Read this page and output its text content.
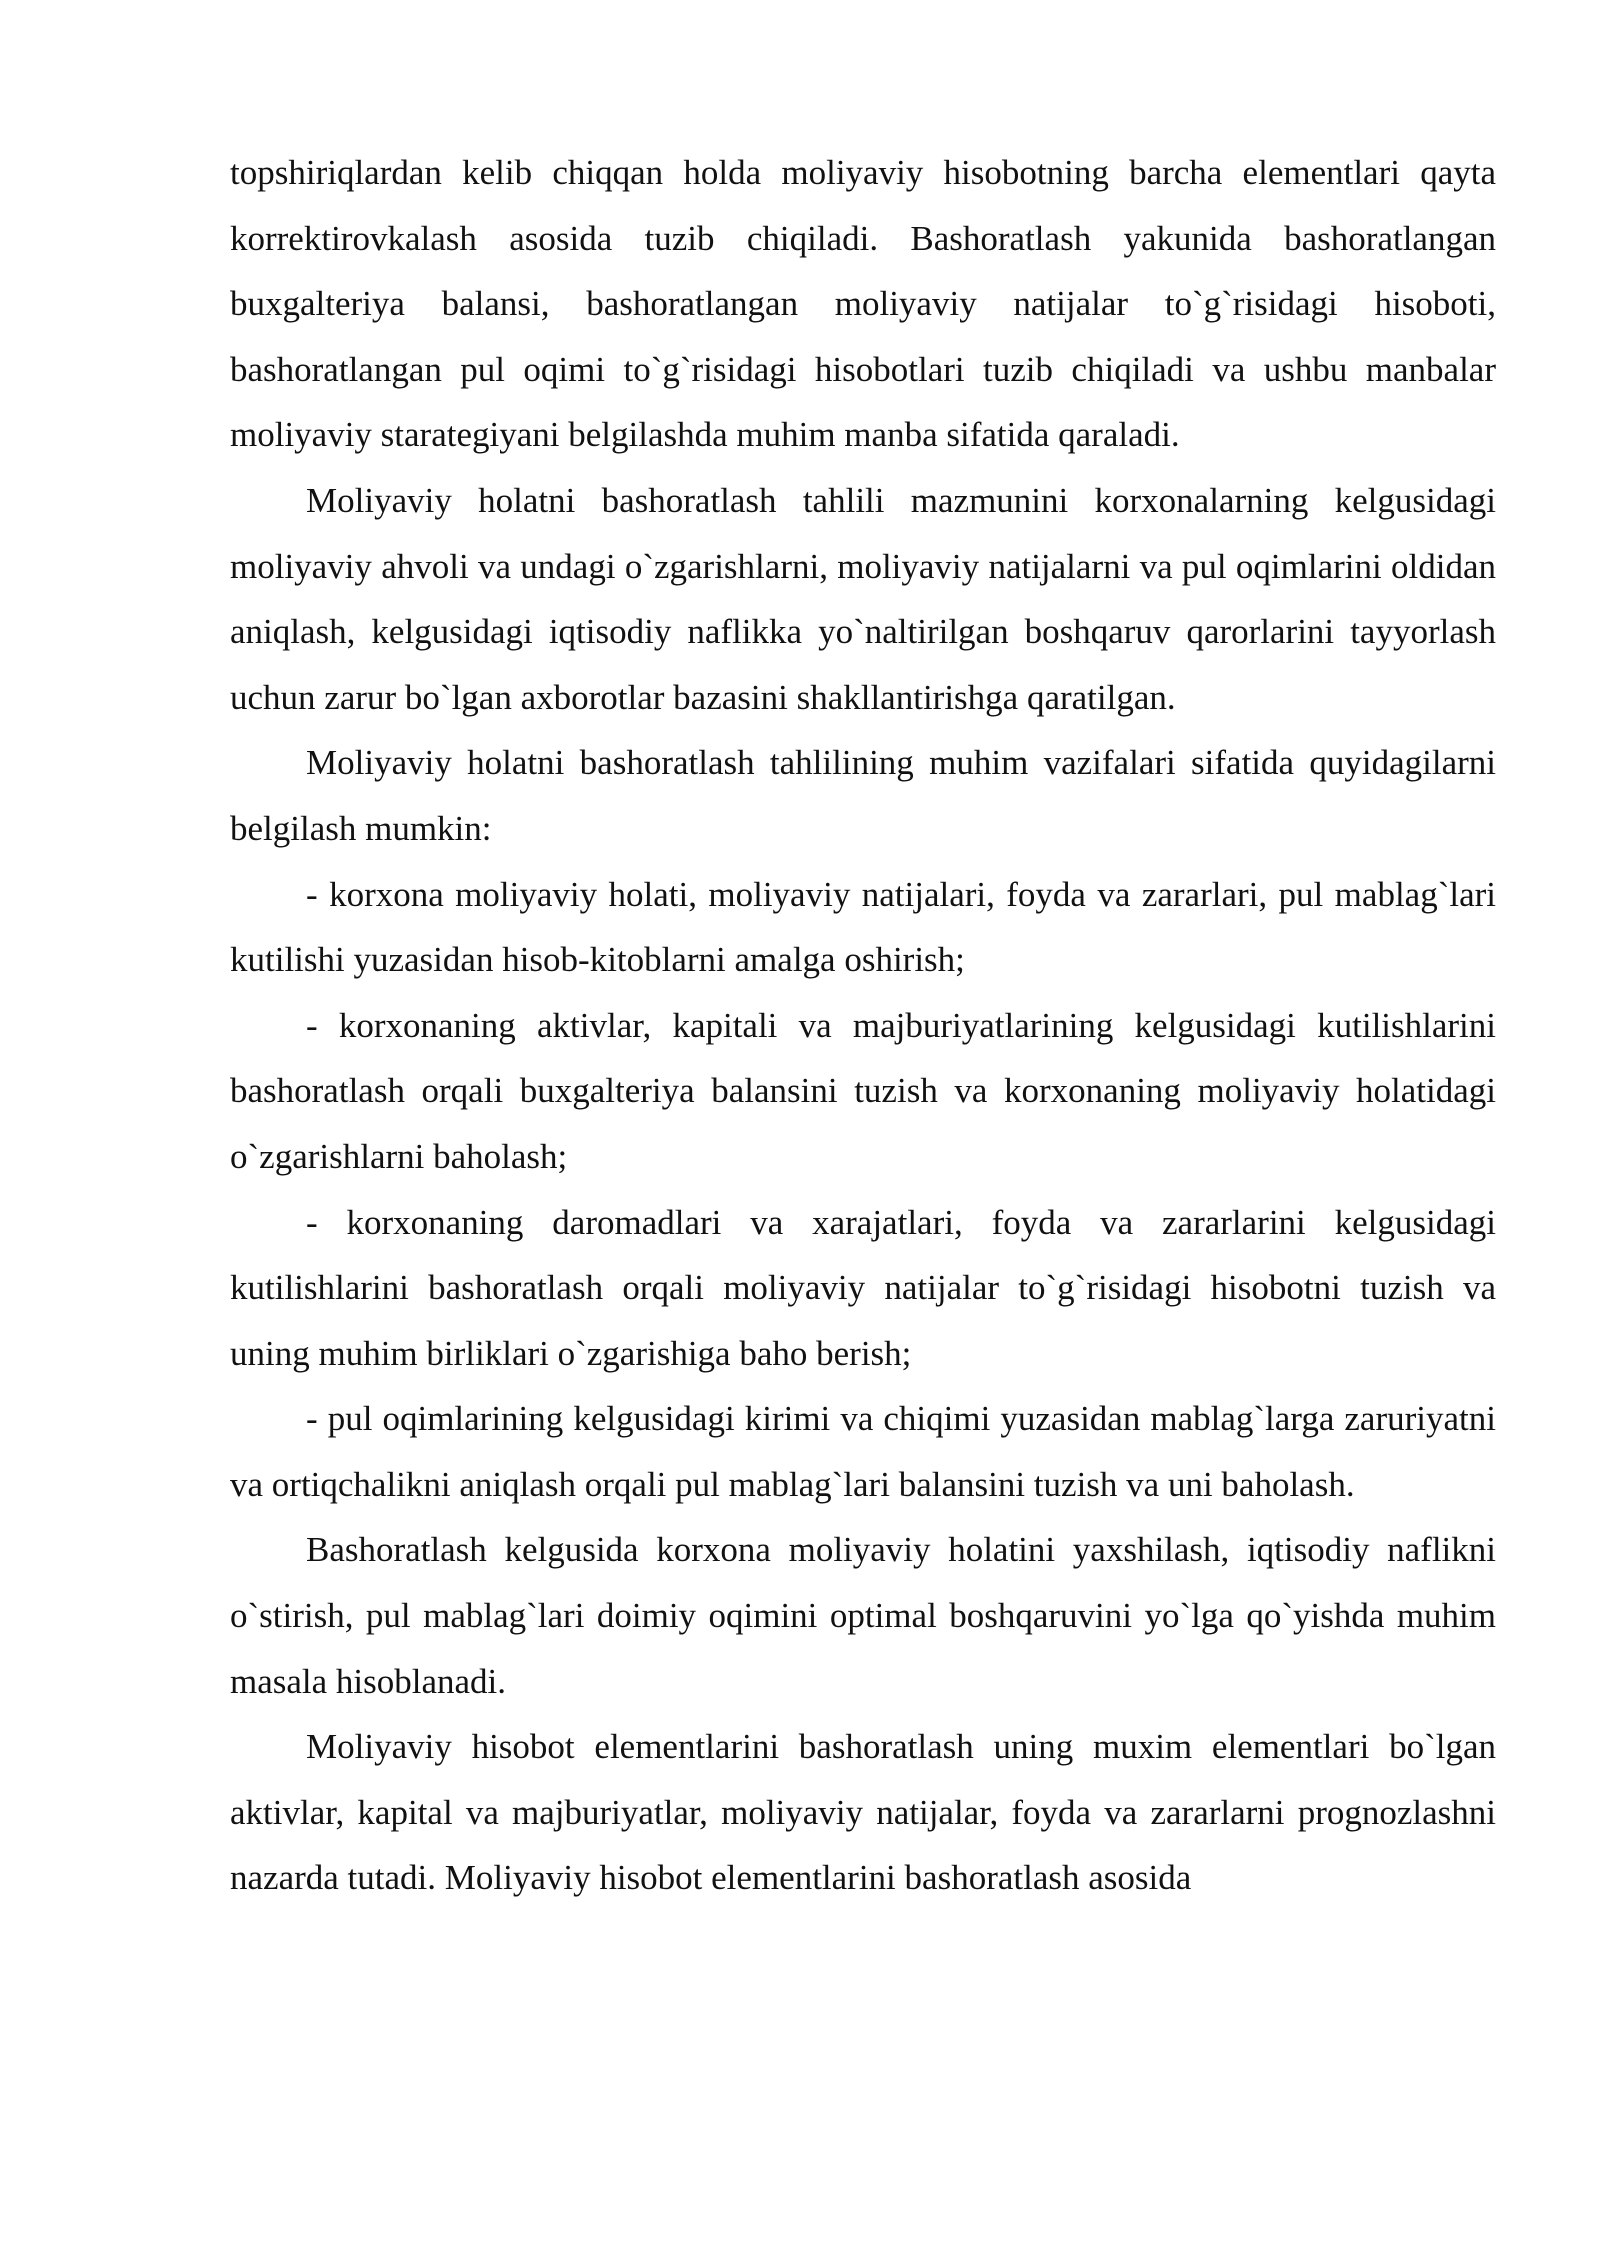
topshiriqlardan kelib chiqqan holda moliyaviy hisobotning barcha elementlari qayta korrektirovkalash asosida tuzib chiqiladi. Bashoratlash yakunida bashoratlangan buxgalteriya balansi, bashoratlangan moliyaviy natijalar to`g`risidagi hisoboti, bashoratlangan pul oqimi to`g`risidagi hisobotlari tuzib chiqiladi va ushbu manbalar moliyaviy starategiyani belgilashda muhim manba sifatida qaraladi.

Moliyaviy holatni bashoratlash tahlili mazmunini korxonalarning kelgusidagi moliyaviy ahvoli va undagi o`zgarishlarni, moliyaviy natijalarni va pul oqimlarini oldidan aniqlash, kelgusidagi iqtisodiy naflikka yo`naltirilgan boshqaruv qarorlarini tayyorlash uchun zarur bo`lgan axborotlar bazasini shakllantirishga qaratilgan.

Moliyaviy holatni bashoratlash tahlilining muhim vazifalari sifatida quyidagilarni belgilash mumkin:

- korxona moliyaviy holati, moliyaviy natijalari, foyda va zararlari, pul mablag`lari kutilishi yuzasidan hisob-kitoblarni amalga oshirish;

- korxonaning aktivlar, kapitali va majburiyatlarining kelgusidagi kutilishlarini bashoratlash orqali buxgalteriya balansini tuzish va korxonaning moliyaviy holatidagi o`zgarishlarni baholash;

- korxonaning daromadlari va xarajatlari, foyda va zararlarini kelgusidagi kutilishlarini bashoratlash orqali moliyaviy natijalar to`g`risidagi hisobotni tuzish va uning muhim birliklari o`zgarishiga baho berish;

- pul oqimlarining kelgusidagi kirimi va chiqimi yuzasidan mablag`larga zaruriyatni va ortiqchalikni aniqlash orqali pul mablag`lari balansini tuzish va uni baholash.

Bashoratlash kelgusida korxona moliyaviy holatini yaxshilash, iqtisodiy naflikni o`stirish, pul mablag`lari doimiy oqimini optimal boshqaruvini yo`lga qo`yishda muhim masala hisoblanadi.

Moliyaviy hisobot elementlarini bashoratlash uning muxim elementlari bo`lgan aktivlar, kapital va majburiyatlar, moliyaviy natijalar, foyda va zararlarni prognozlashni nazarda tutadi. Moliyaviy hisobot elementlarini bashoratlash asosida
